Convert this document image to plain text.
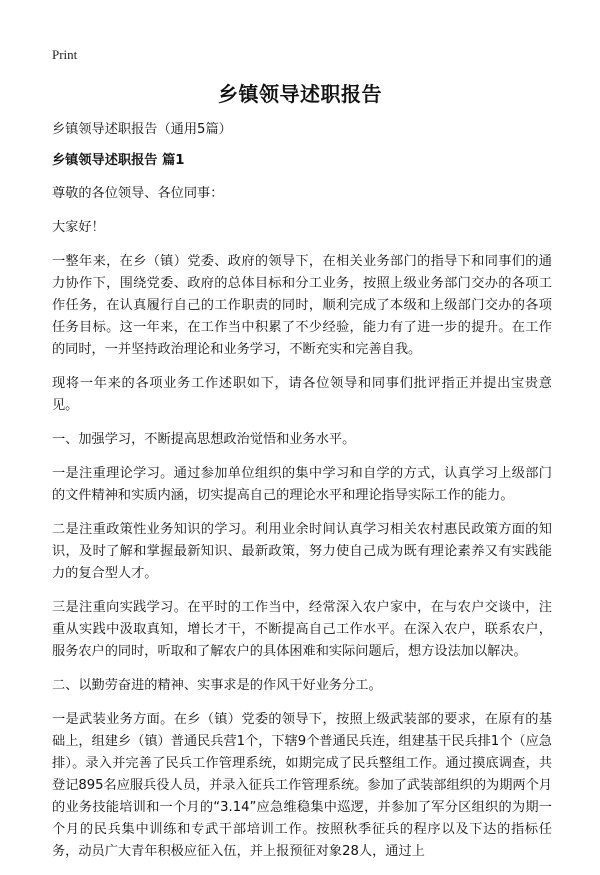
Print
乡镇领导述职报告

乡镇领导述职报告（通用5篇）

乡镇领导述职报告 篇1

尊敬的各位领导、各位同事：

大家好！

一整年来，在乡（镇）党委、政府的领导下，在相关业务部门的指导下和同事们的通力协作下，围绕党委、政府的总体目标和分工业务，按照上级业务部门交办的各项工作任务，在认真履行自己的工作职责的同时，顺利完成了本级和上级部门交办的各项任务目标。这一年来，在工作当中积累了不少经验，能力有了进一步的提升。在工作的同时，一并坚持政治理论和业务学习，不断充实和完善自我。

现将一年来的各项业务工作述职如下，请各位领导和同事们批评指正并提出宝贵意见。

一、加强学习，不断提高思想政治觉悟和业务水平。

一是注重理论学习。通过参加单位组织的集中学习和自学的方式，认真学习上级部门的文件精神和实质内涵，切实提高自己的理论水平和理论指导实际工作的能力。

二是注重政策性业务知识的学习。利用业余时间认真学习相关农村惠民政策方面的知识，及时了解和掌握最新知识、最新政策，努力使自己成为既有理论素养又有实践能力的复合型人才。

三是注重向实践学习。在平时的工作当中，经常深入农户家中，在与农户交谈中，注重从实践中汲取真知，增长才干，不断提高自己工作水平。在深入农户，联系农户，服务农户的同时，听取和了解农户的具体困难和实际问题后，想方设法加以解决。

二、以勤劳奋进的精神、实事求是的作风干好业务分工。

一是武装业务方面。在乡（镇）党委的领导下，按照上级武装部的要求，在原有的基础上，组建乡（镇）普通民兵营1个，下辖9个普通民兵连，组建基干民兵排1个（应急排）。录入并完善了民兵工作管理系统，如期完成了民兵整组工作。通过摸底调查，共登记895名应服兵役人员，并录入征兵工作管理系统。参加了武装部组织的为期两个月的业务技能培训和一个月的“3.14”应急维稳集中巡逻，并参加了军分区组织的为期一个月的民兵集中训练和专武干部培训工作。按照秋季征兵的程序以及下达的指标任务，动员广大青年积极应征入伍，并上报预征对象28人，通过上
